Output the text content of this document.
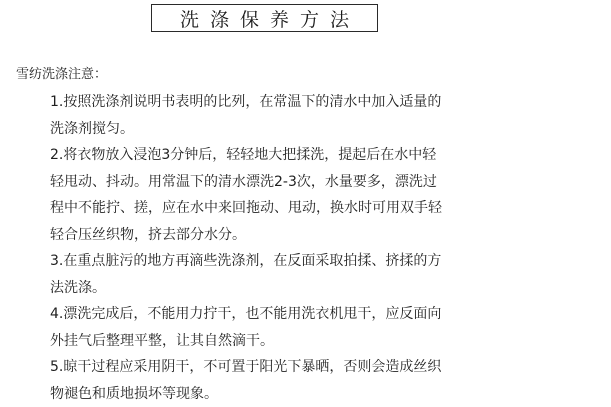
洗涤保养方法
雪纺洗涤注意：
1.按照洗涤剂说明书表明的比列，在常温下的清水中加入适量的
洗涤剂搅匀。
2.将衣物放入浸泡3分钟后，轻轻地大把揉洗，提起后在水中轻
轻甩动、抖动。用常温下的清水漂洗2-3次，水量要多，漂洗过
程中不能拧、搓，应在水中来回拖动、甩动，换水时可用双手轻
轻合压丝织物，挤去部分水分。
3.在重点脏污的地方再滴些洗涤剂，在反面采取拍揉、挤揉的方
法洗涤。
4.漂洗完成后，不能用力拧干，也不能用洗衣机甩干，应反面向
外挂气后整理平整，让其自然滴干。
5.晾干过程应采用阴干，不可置于阳光下暴晒，否则会造成丝织
物褪色和质地损坏等现象。
